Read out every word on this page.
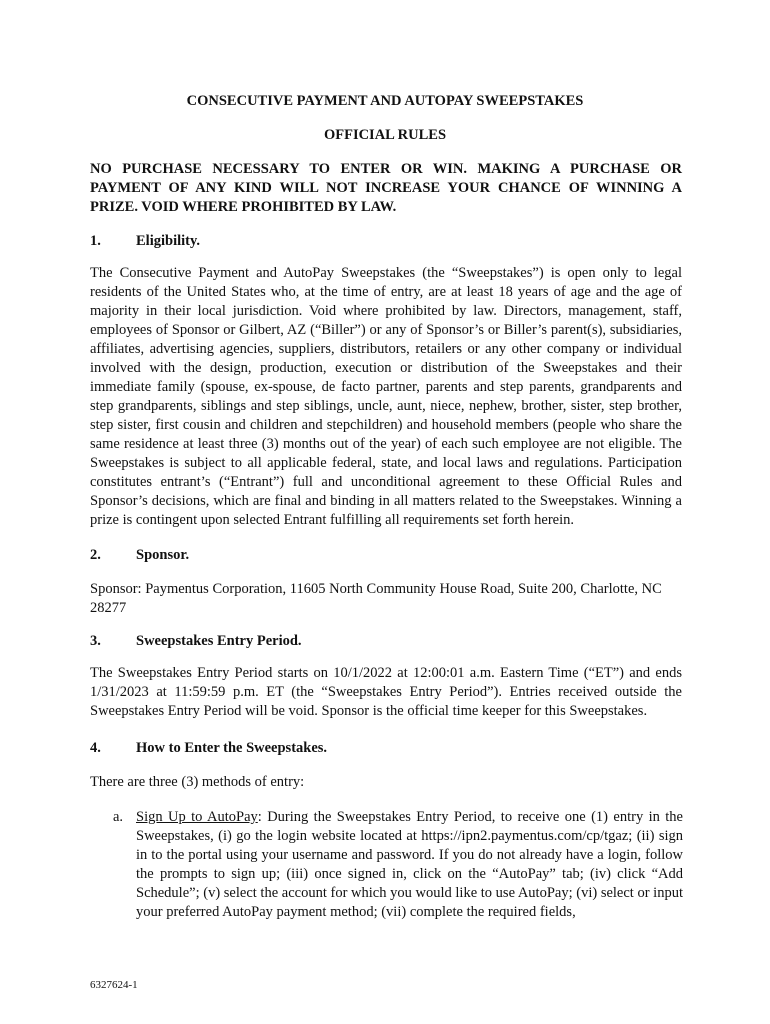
CONSECUTIVE PAYMENT AND AUTOPAY SWEEPSTAKES
OFFICIAL RULES
NO PURCHASE NECESSARY TO ENTER OR WIN. MAKING A PURCHASE OR PAYMENT OF ANY KIND WILL NOT INCREASE YOUR CHANCE OF WINNING A PRIZE. VOID WHERE PROHIBITED BY LAW.
1. Eligibility.
The Consecutive Payment and AutoPay Sweepstakes (the “Sweepstakes”) is open only to legal residents of the United States who, at the time of entry, are at least 18 years of age and the age of majority in their local jurisdiction. Void where prohibited by law. Directors, management, staff, employees of Sponsor or Gilbert, AZ (“Biller”) or any of Sponsor’s or Biller’s parent(s), subsidiaries, affiliates, advertising agencies, suppliers, distributors, retailers or any other company or individual involved with the design, production, execution or distribution of the Sweepstakes and their immediate family (spouse, ex-spouse, de facto partner, parents and step parents, grandparents and step grandparents, siblings and step siblings, uncle, aunt, niece, nephew, brother, sister, step brother, step sister, first cousin and children and stepchildren) and household members (people who share the same residence at least three (3) months out of the year) of each such employee are not eligible. The Sweepstakes is subject to all applicable federal, state, and local laws and regulations. Participation constitutes entrant’s (“Entrant”) full and unconditional agreement to these Official Rules and Sponsor’s decisions, which are final and binding in all matters related to the Sweepstakes. Winning a prize is contingent upon selected Entrant fulfilling all requirements set forth herein.
2. Sponsor.
Sponsor: Paymentus Corporation, 11605 North Community House Road, Suite 200, Charlotte, NC 28277
3. Sweepstakes Entry Period.
The Sweepstakes Entry Period starts on 10/1/2022 at 12:00:01 a.m. Eastern Time (“ET”) and ends 1/31/2023 at 11:59:59 p.m. ET (the “Sweepstakes Entry Period”). Entries received outside the Sweepstakes Entry Period will be void. Sponsor is the official time keeper for this Sweepstakes.
4. How to Enter the Sweepstakes.
There are three (3) methods of entry:
a. Sign Up to AutoPay: During the Sweepstakes Entry Period, to receive one (1) entry in the Sweepstakes, (i) go the login website located at https://ipn2.paymentus.com/cp/tgaz; (ii) sign in to the portal using your username and password. If you do not already have a login, follow the prompts to sign up; (iii) once signed in, click on the “AutoPay” tab; (iv) click “Add Schedule”; (v) select the account for which you would like to use AutoPay; (vi) select or input your preferred AutoPay payment method; (vii) complete the required fields,
6327624-1
